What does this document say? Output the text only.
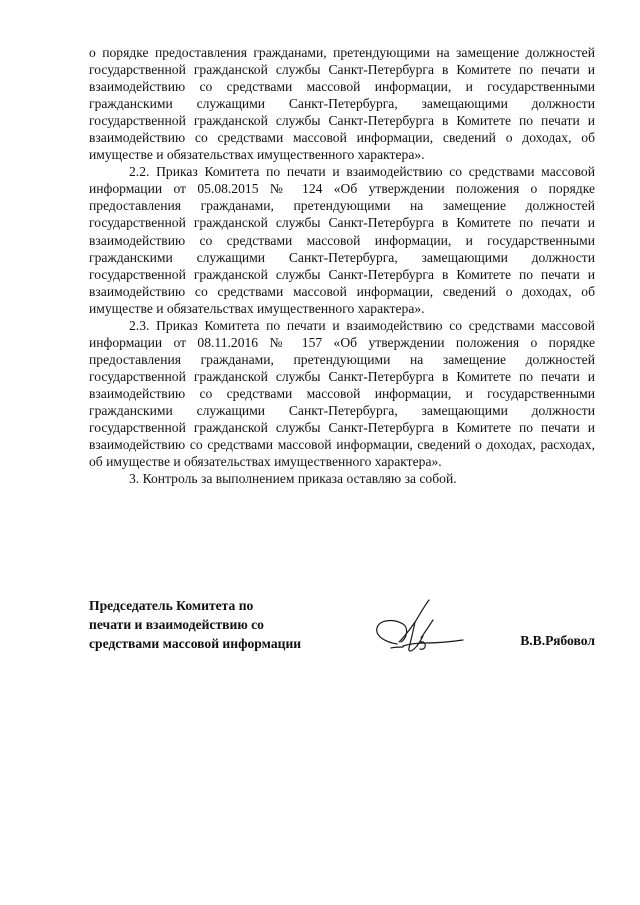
о порядке предоставления гражданами, претендующими на замещение должностей государственной гражданской службы Санкт-Петербурга в Комитете по печати и взаимодействию со средствами массовой информации, и государственными гражданскими служащими Санкт-Петербурга, замещающими должности государственной гражданской службы Санкт-Петербурга в Комитете по печати и взаимодействию со средствами массовой информации, сведений о доходах, об имуществе и обязательствах имущественного характера».

2.2. Приказ Комитета по печати и взаимодействию со средствами массовой информации от 05.08.2015 № 124 «Об утверждении положения о порядке предоставления гражданами, претендующими на замещение должностей государственной гражданской службы Санкт-Петербурга в Комитете по печати и взаимодействию со средствами массовой информации, и государственными гражданскими служащими Санкт-Петербурга, замещающими должности государственной гражданской службы Санкт-Петербурга в Комитете по печати и взаимодействию со средствами массовой информации, сведений о доходах, об имуществе и обязательствах имущественного характера».

2.3. Приказ Комитета по печати и взаимодействию со средствами массовой информации от 08.11.2016 № 157 «Об утверждении положения о порядке предоставления гражданами, претендующими на замещение должностей государственной гражданской службы Санкт-Петербурга в Комитете по печати и взаимодействию со средствами массовой информации, и государственными гражданскими служащими Санкт-Петербурга, замещающими должности государственной гражданской службы Санкт-Петербурга в Комитете по печати и взаимодействию со средствами массовой информации, сведений о доходах, расходах, об имуществе и обязательствах имущественного характера».

3. Контроль за выполнением приказа оставляю за собой.

Председатель Комитета по
печати и взаимодействию со
средствами массовой информации	В.В.Рябовол
